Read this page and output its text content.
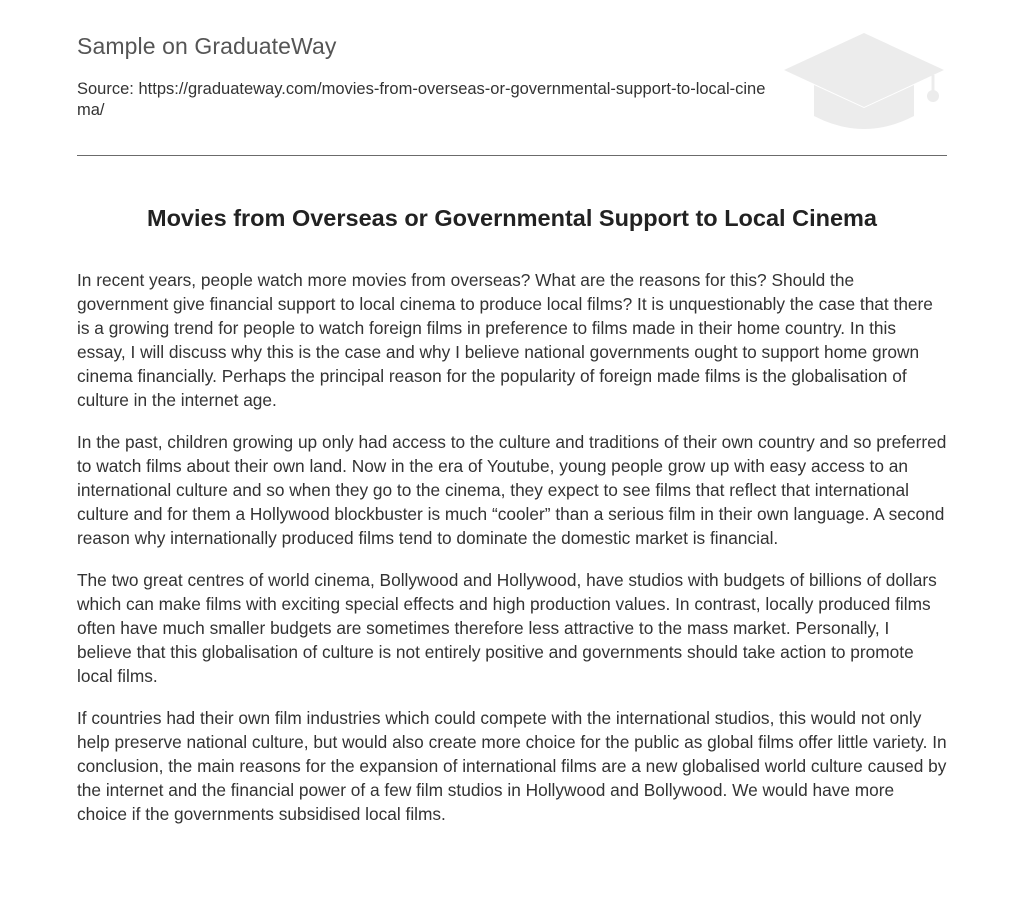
Sample on GraduateWay
Source: https://graduateway.com/movies-from-overseas-or-governmental-support-to-local-cinema/
Movies from Overseas or Governmental Support to Local Cinema

In recent years, people watch more movies from overseas? What are the reasons for this? Should the government give financial support to local cinema to produce local films? It is unquestionably the case that there is a growing trend for people to watch foreign films in preference to films made in their home country. In this essay, I will discuss why this is the case and why I believe national governments ought to support home grown cinema financially. Perhaps the principal reason for the popularity of foreign made films is the globalisation of culture in the internet age.

In the past, children growing up only had access to the culture and traditions of their own country and so preferred to watch films about their own land. Now in the era of Youtube, young people grow up with easy access to an international culture and so when they go to the cinema, they expect to see films that reflect that international culture and for them a Hollywood blockbuster is much “cooler” than a serious film in their own language. A second reason why internationally produced films tend to dominate the domestic market is financial.

The two great centres of world cinema, Bollywood and Hollywood, have studios with budgets of billions of dollars which can make films with exciting special effects and high production values. In contrast, locally produced films often have much smaller budgets are sometimes therefore less attractive to the mass market. Personally, I believe that this globalisation of culture is not entirely positive and governments should take action to promote local films.

If countries had their own film industries which could compete with the international studios, this would not only help preserve national culture, but would also create more choice for the public as global films offer little variety. In conclusion, the main reasons for the expansion of international films are a new globalised world culture caused by the internet and the financial power of a few film studios in Hollywood and Bollywood. We would have more choice if the governments subsidised local films.
